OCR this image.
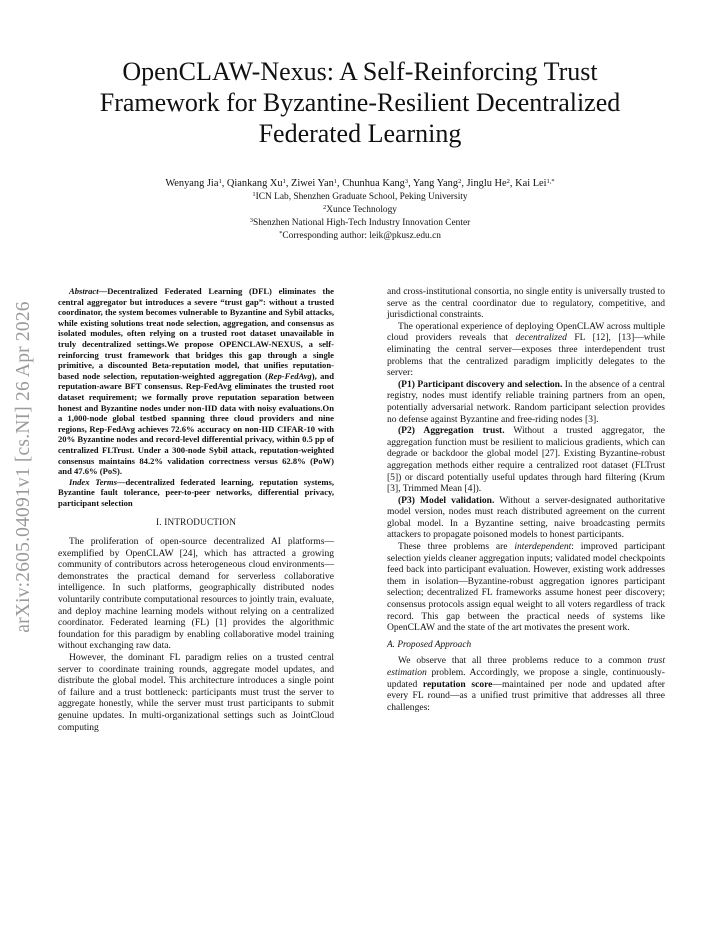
arXiv:2605.04091v1 [cs.NI] 26 Apr 2026
OpenCLAW-Nexus: A Self-Reinforcing Trust
Framework for Byzantine-Resilient Decentralized
Federated Learning
Wenyang Jia$^1$, Qiankang Xu$^1$, Ziwei Yan$^1$, Chunhua Kang$^3$, Yang Yang$^2$, Jinglu He$^2$, Kai Lei$^{1,*}$
$^1$ICN Lab, Shenzhen Graduate School, Peking University
$^2$Xunce Technology
$^3$Shenzhen National High-Tech Industry Innovation Center
*Corresponding author: leik@pkusz.edu.cn

Abstract—Decentralized Federated Learning (DFL) eliminates the central aggregator but introduces a severe “trust gap”: without a trusted coordinator, the system becomes vulnerable to Byzantine and Sybil attacks, while existing solutions treat node selection, aggregation, and consensus as isolated modules, often relying on a trusted root dataset unavailable in truly decentralized settings.We propose OPENCLAW-NEXUS, a self-reinforcing trust framework that bridges this gap through a single primitive, a discounted Beta-reputation model, that unifies reputation-based node selection, reputation-weighted aggregation (Rep-FedAvg), and reputation-aware BFT consensus. Rep-FedAvg eliminates the trusted root dataset requirement; we formally prove reputation separation between honest and Byzantine nodes under non-IID data with noisy evaluations.On a 1,000-node global testbed spanning three cloud providers and nine regions, Rep-FedAvg achieves 72.6% accuracy on non-IID CIFAR-10 with 20% Byzantine nodes and record-level differential privacy, within 0.5 pp of centralized FLTrust. Under a 300-node Sybil attack, reputation-weighted consensus maintains 84.2% validation correctness versus 62.8% (PoW) and 47.6% (PoS).

Index Terms—decentralized federated learning, reputation systems, Byzantine fault tolerance, peer-to-peer networks, differential privacy, participant selection

I. INTRODUCTION

The proliferation of open-source decentralized AI platforms—exemplified by OpenCLAW [24], which has attracted a growing community of contributors across heterogeneous cloud environments—demonstrates the practical demand for serverless collaborative intelligence. In such platforms, geographically distributed nodes voluntarily contribute computational resources to jointly train, evaluate, and deploy machine learning models without relying on a centralized coordinator. Federated learning (FL) [1] provides the algorithmic foundation for this paradigm by enabling collaborative model training without exchanging raw data.

However, the dominant FL paradigm relies on a trusted central server to coordinate training rounds, aggregate model updates, and distribute the global model. This architecture introduces a single point of failure and a trust bottleneck: participants must trust the server to aggregate honestly, while the server must trust participants to submit genuine updates. In multi-organizational settings such as JointCloud computing

and cross-institutional consortia, no single entity is universally trusted to serve as the central coordinator due to regulatory, competitive, and jurisdictional constraints.

The operational experience of deploying OpenCLAW across multiple cloud providers reveals that decentralized FL [12], [13]—while eliminating the central server—exposes three interdependent trust problems that the centralized paradigm implicitly delegates to the server:

(P1) Participant discovery and selection. In the absence of a central registry, nodes must identify reliable training partners from an open, potentially adversarial network. Random participant selection provides no defense against Byzantine and free-riding nodes [3].

(P2) Aggregation trust. Without a trusted aggregator, the aggregation function must be resilient to malicious gradients, which can degrade or backdoor the global model [27]. Existing Byzantine-robust aggregation methods either require a centralized root dataset (FLTrust [5]) or discard potentially useful updates through hard filtering (Krum [3], Trimmed Mean [4]).

(P3) Model validation. Without a server-designated authoritative model version, nodes must reach distributed agreement on the current global model. In a Byzantine setting, naive broadcasting permits attackers to propagate poisoned models to honest participants.

These three problems are interdependent: improved participant selection yields cleaner aggregation inputs; validated model checkpoints feed back into participant evaluation. However, existing work addresses them in isolation—Byzantine-robust aggregation ignores participant selection; decentralized FL frameworks assume honest peer discovery; consensus protocols assign equal weight to all voters regardless of track record. This gap between the practical needs of systems like OpenCLAW and the state of the art motivates the present work.

A. Proposed Approach

We observe that all three problems reduce to a common trust estimation problem. Accordingly, we propose a single, continuously-updated reputation score—maintained per node and updated after every FL round—as a unified trust primitive that addresses all three challenges:
